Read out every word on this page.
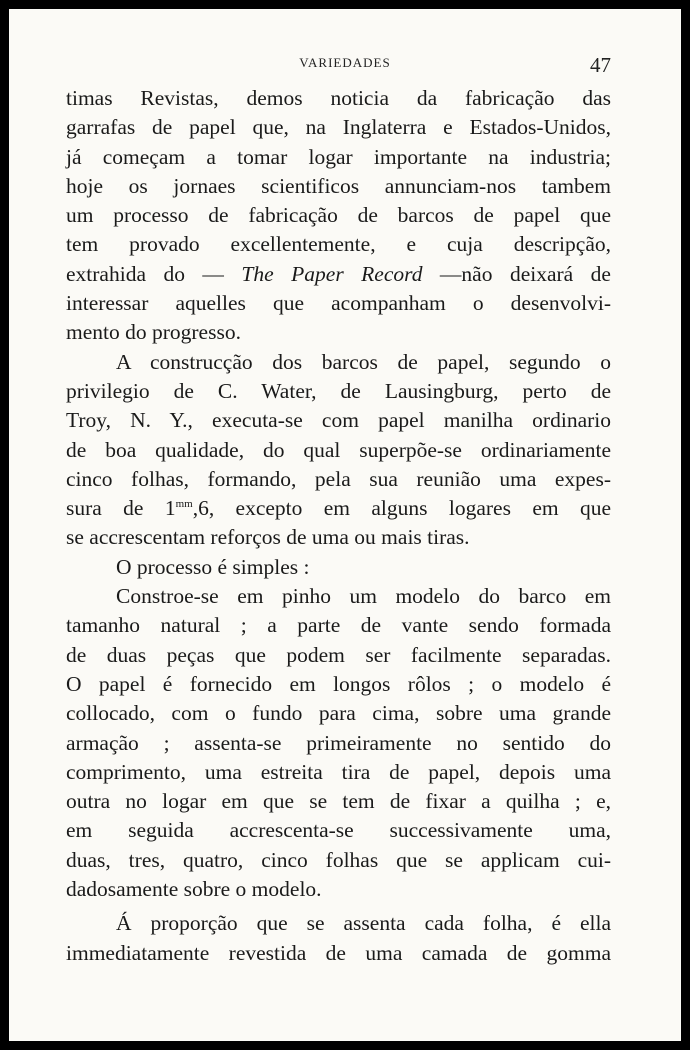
VARIEDADES	47
timas Revistas, demos noticia da fabricação das
garrafas de papel que, na Inglaterra e Estados-Unidos,
já começam a tomar logar importante na industria;
hoje os jornaes scientificos annunciam-nos tambem
um processo de fabricação de barcos de papel que
tem provado excellentemente, e cuja descripção,
extrahida do — The Paper Record —não deixará de
interessar aquelles que acompanham o desenvolvi-
mento do progresso.
A construcção dos barcos de papel, segundo o
privilegio de C. Water, de Lausingburg, perto de
Troy, N. Y., executa-se com papel manilha ordinario
de boa qualidade, do qual superpõe-se ordinariamente
cinco folhas, formando, pela sua reunião uma expes-
sura de $1^{mm},6$, excepto em alguns logares em que
se accrescentam reforços de uma ou mais tiras.
O processo é simples :
Constroe-se em pinho um modelo do barco em
tamanho natural ; a parte de vante sendo formada
de duas peças que podem ser facilmente separadas.
O papel é fornecido em longos rôlos ; o modelo é
collocado, com o fundo para cima, sobre uma grande
armação ; assenta-se primeiramente no sentido do
comprimento, uma estreita tira de papel, depois uma
outra no logar em que se tem de fixar a quilha ; e,
em seguida accrescenta-se successivamente uma,
duas, tres, quatro, cinco folhas que se applicam cui-
dadosamente sobre o modelo.
Á proporção que se assenta cada folha, é ella
immediatamente revestida de uma camada de gomma
